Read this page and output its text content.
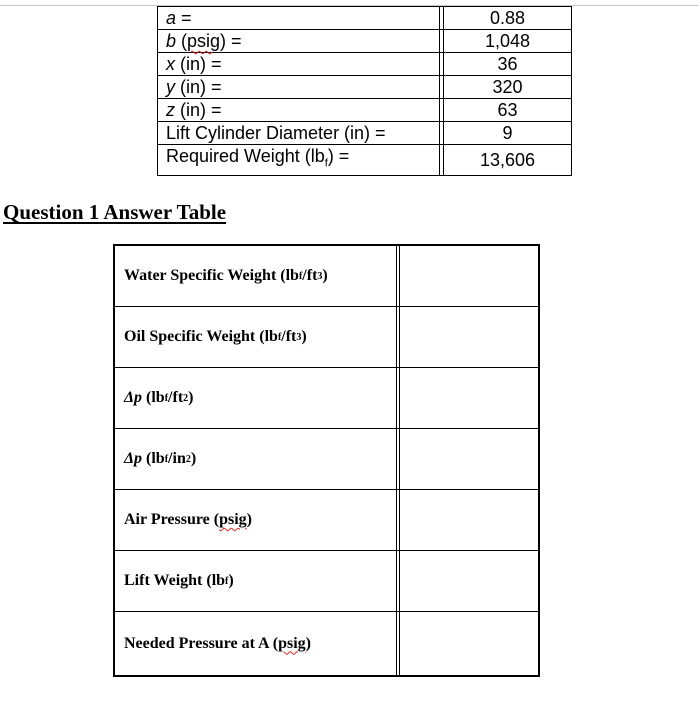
a =		0.88
b (psig) =		1,048
x (in) =		36
y (in) =		320
z (in) =		63
Lift Cylinder Diameter (in) =		9
Required Weight $(lb_f)$ =		13,606
Question 1 Answer Table
Water Specific Weight (lb f /ft 3 )
Oil Specific Weight (lb f /ft 3 )
Δp (lb f /ft 2 )
Δp (lb f /in 2 )
Air Pressure ( psig )
Lift Weight (lb f )
Needed Pressure at A ( psig )
